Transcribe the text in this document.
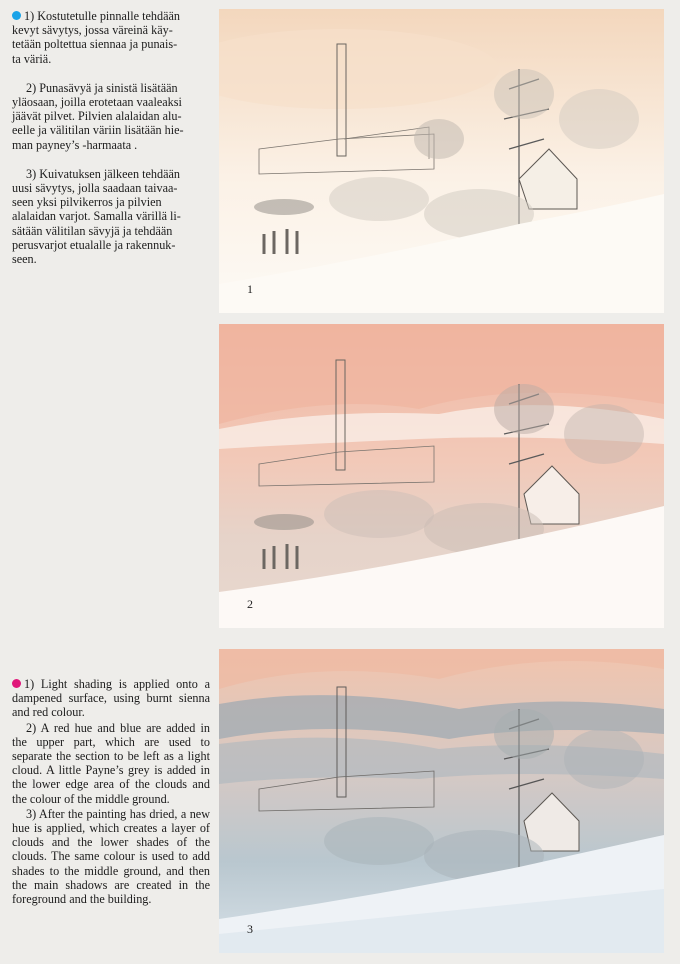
1) Kostutetulle pinnalle tehdään
kevyt sävytys, jossa väreinä käy-
tetään poltettua siennaa ja punais-
ta väriä.

2) Punasävyä ja sinistä lisätään
yläosaan, joilla erotetaan vaaleaksi
jäävät pilvet. Pilvien alalaidan alu-
eelle ja välitilan väriin lisätään hie-
man payney’s -harmaata .

3) Kuivatuksen jälkeen tehdään
uusi sävytys, jolla saadaan taivaa-
seen yksi pilvikerros ja pilvien
alalaidan varjot. Samalla värillä li-
sätään välitilan sävyjä ja tehdään
perusvarjot etualalle ja rakennuk-
seen.

1) Light shading is applied onto a dampened surface, using burnt sienna and red colour.

2) A red hue and blue are added in the upper part, which are used to separate the section to be left as a light cloud. A little Payne’s grey is added in the lower edge area of the clouds and the colour of the middle ground.

3) After the painting has dried, a new hue is applied, which creates a layer of clouds and the lower shades of the clouds. The same colour is used to add shades to the middle ground, and then the main shadows are created in the foreground and the building.

1
2
3
